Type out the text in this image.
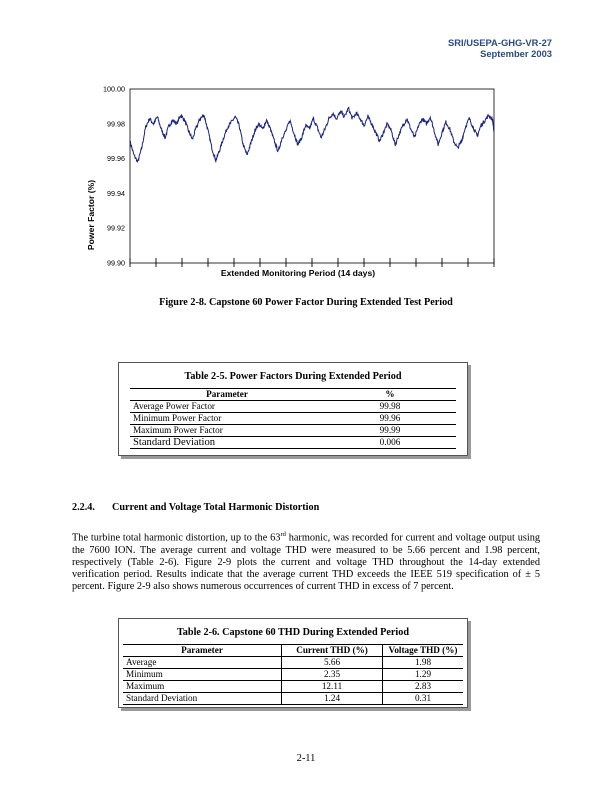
SRI/USEPA-GHG-VR-27
September 2003
Power Factor (%)
100.00
99.98
99.96
99.94
99.92
99.90
Extended Monitoring Period (14 days)
Figure 2-8. Capstone 60 Power Factor During Extended Test Period
Table 2-5. Power Factors During Extended Period
Parameter	%
Average Power Factor	99.98
Minimum Power Factor	99.96
Maximum Power Factor	99.99
Standard Deviation	0.006
2.2.4. Current and Voltage Total Harmonic Distortion
The turbine total harmonic distortion, up to the 63rd harmonic, was recorded for current and voltage output using the 7600 ION. The average current and voltage THD were measured to be 5.66 percent and 1.98 percent, respectively (Table 2-6). Figure 2-9 plots the current and voltage THD throughout the 14-day extended verification period. Results indicate that the average current THD exceeds the IEEE 519 specification of ± 5 percent. Figure 2-9 also shows numerous occurrences of current THD in excess of 7 percent.
Table 2-6. Capstone 60 THD During Extended Period
Parameter	Current THD (%)	Voltage THD (%)
Average	5.66	1.98
Minimum	2.35	1.29
Maximum	12.11	2.83
Standard Deviation	1.24	0.31
2-11
